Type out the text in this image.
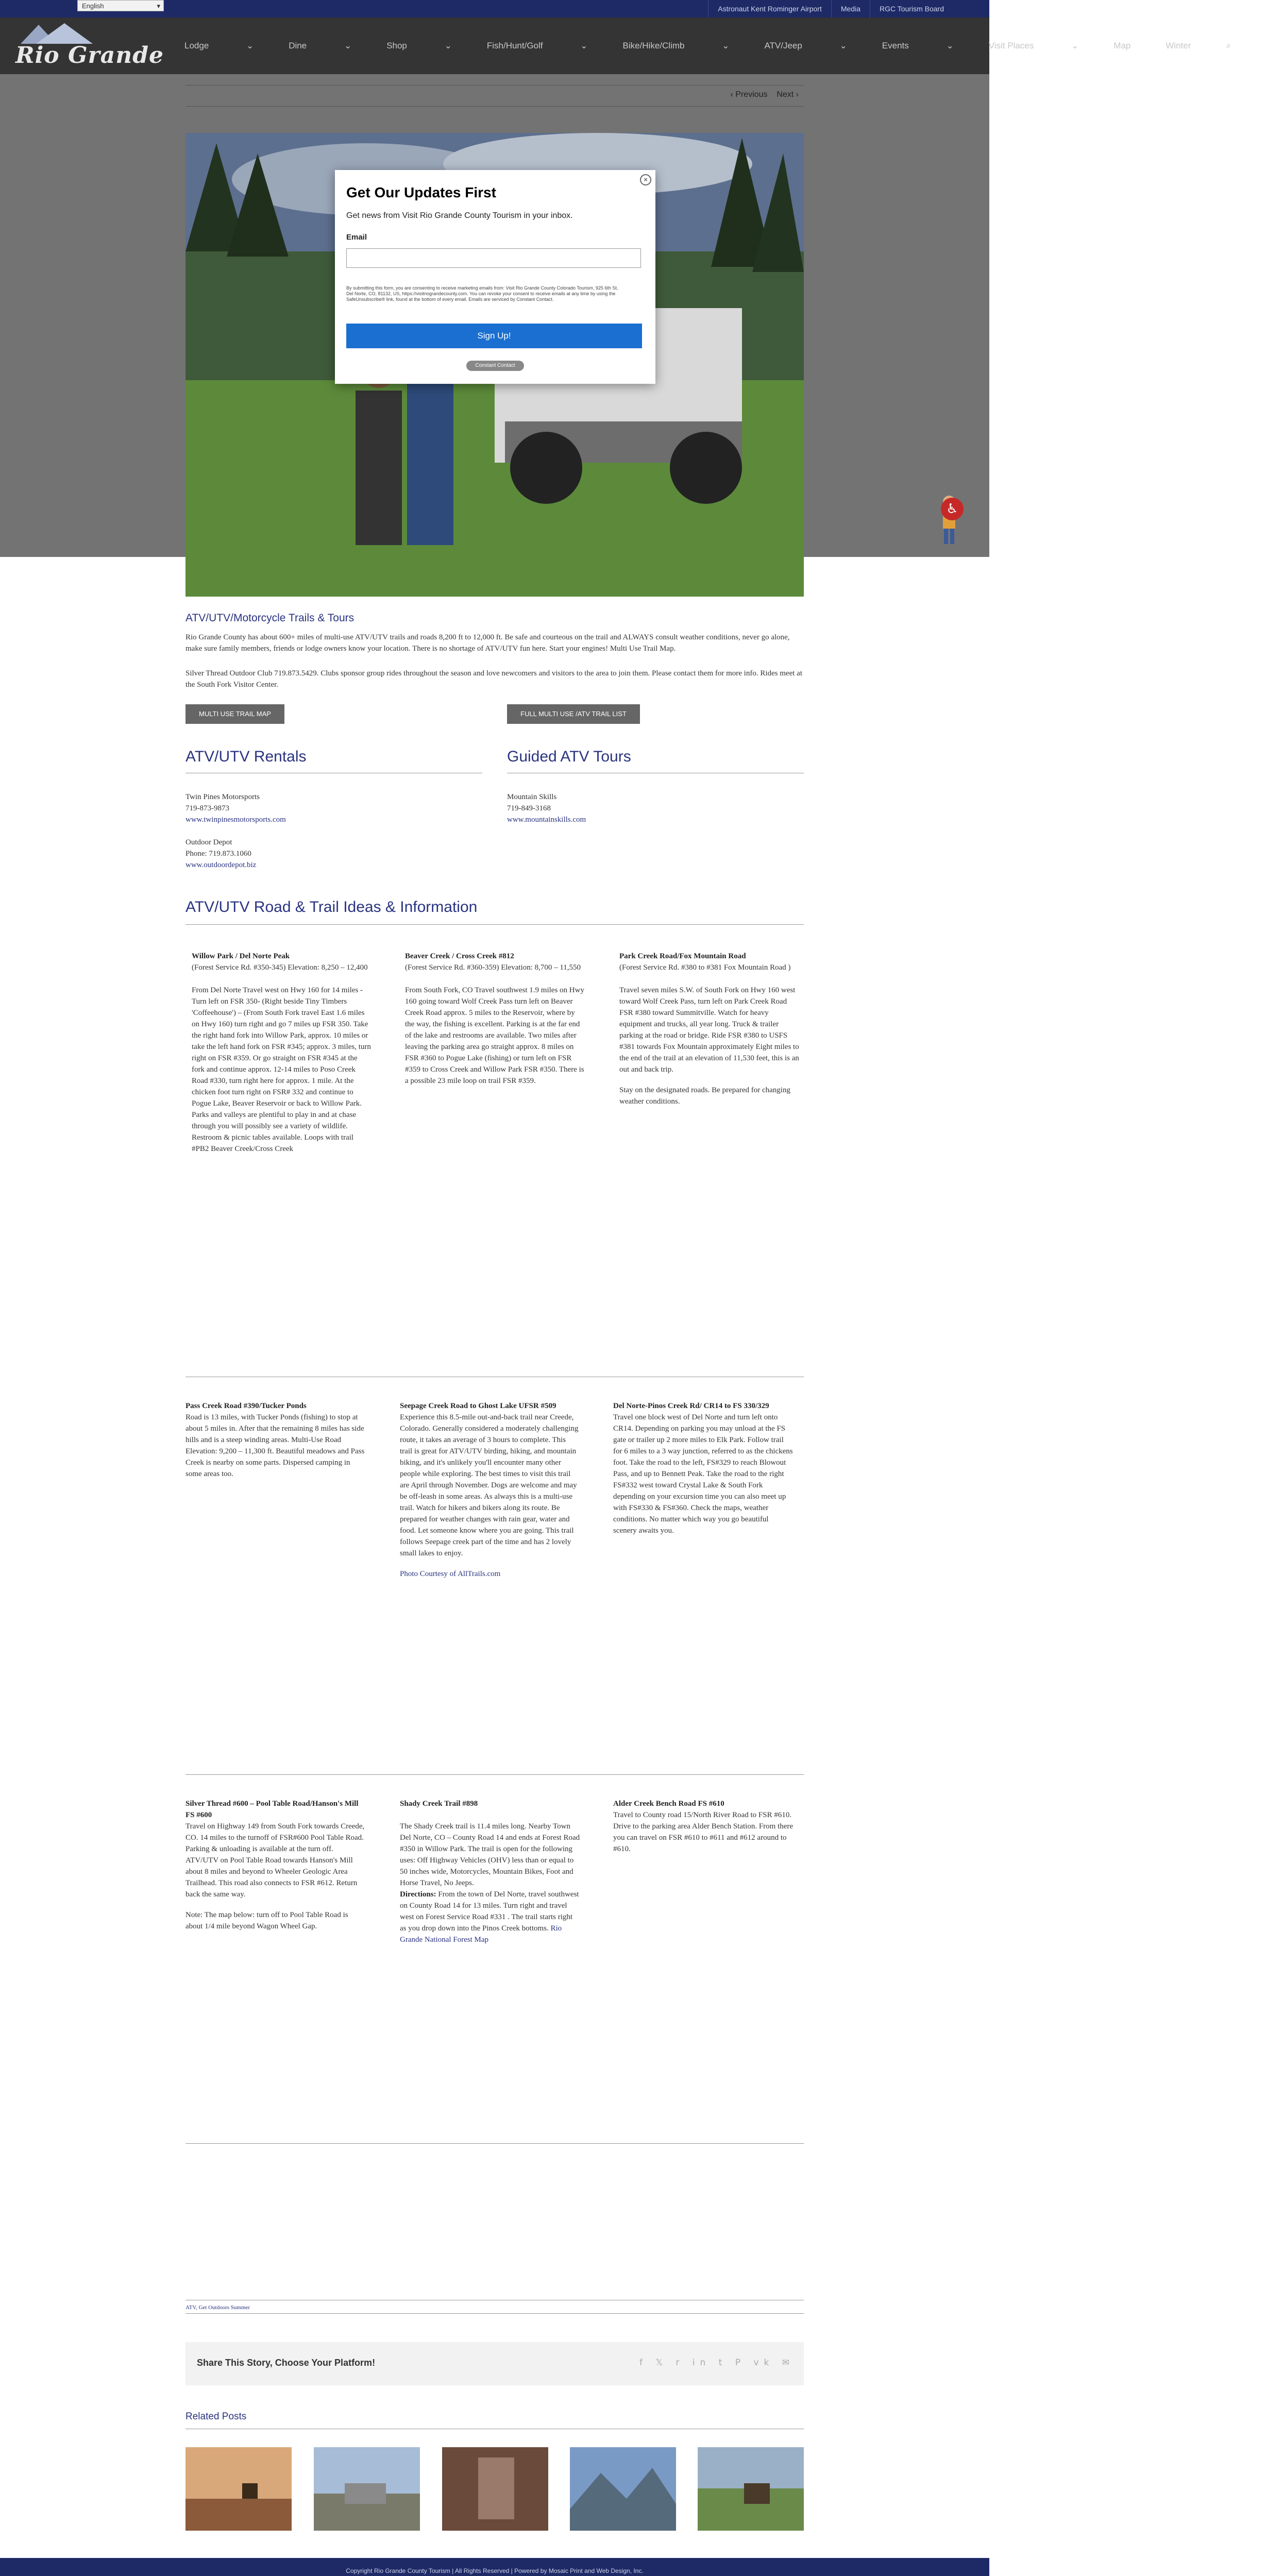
English	▾	Astronaut Kent Rominger Airport	Media	RGC Tourism Board
Rio Grande Lodge	⌄	Dine	⌄	Shop	⌄	Fish/Hunt/Golf	⌄	Bike/Hike/Climb	⌄	ATV/Jeep	⌄	Events	⌄	Visit Places	⌄	Map	Winter	⌕
‹ Previous Next ›
×
Get Our Updates First
Get news from Visit Rio Grande County Tourism in your inbox.
Email
By submitting this form, you are consenting to receive marketing emails from: Visit Rio Grande County Colorado Tourism, 925 6th St, Del Norte, CO, 81132, US, https://visitriograndecounty.com. You can revoke your consent to receive emails at any time by using the SafeUnsubscribe® link, found at the bottom of every email. Emails are serviced by Constant Contact.
Sign Up!
Constant Contact
♿
ATV/UTV/Motorcycle Trails & Tours
Rio Grande County has about 600+ miles of multi-use ATV/UTV trails and roads 8,200 ft to 12,000 ft. Be safe and courteous on the trail and ALWAYS consult weather conditions, never go alone, make sure family members, friends or lodge owners know your location. There is no shortage of ATV/UTV fun here. Start your engines! Multi Use Trail Map.
Silver Thread Outdoor Club 719.873.5429. Clubs sponsor group rides throughout the season and love newcomers and visitors to the area to join them. Please contact them for more info. Rides meet at the South Fork Visitor Center.
MULTI USE TRAIL MAP	FULL MULTI USE /ATV TRAIL LIST
ATV/UTV Rentals	Guided ATV Tours
Twin Pines Motorsports
719-873-9873
www.twinpinesmotorsports.com
Outdoor Depot
Phone: 719.873.1060
www.outdoordepot.biz
Mountain Skills
719-849-3168
www.mountainskills.com
ATV/UTV Road & Trail Ideas & Information
Willow Park / Del Norte Peak
(Forest Service Rd. #350-345) Elevation: 8,250 – 12,400

From Del Norte Travel west on Hwy 160 for 14 miles -Turn left on FSR 350- (Right beside Tiny Timbers 'Coffeehouse') – (From South Fork travel East 1.6 miles on Hwy 160) turn right and go 7 miles up FSR 350. Take the right hand fork into Willow Park, approx. 10 miles or take the left hand fork on FSR #345; approx. 3 miles, turn right on FSR #359. Or go straight on FSR #345 at the fork and continue approx. 12-14 miles to Poso Creek Road #330, turn right here for approx. 1 mile. At the chicken foot turn right on FSR# 332 and continue to Pogue Lake, Beaver Reservoir or back to Willow Park. Parks and valleys are plentiful to play in and at chase through you will possibly see a variety of wildlife. Restroom & picnic tables available. Loops with trail #PB2 Beaver Creek/Cross Creek

Beaver Creek / Cross Creek #812
(Forest Service Rd. #360-359) Elevation: 8,700 – 11,550

From South Fork, CO Travel southwest 1.9 miles on Hwy 160 going toward Wolf Creek Pass turn left on Beaver Creek Road approx. 5 miles to the Reservoir, where by the way, the fishing is excellent. Parking is at the far end of the lake and restrooms are available. Two miles after leaving the parking area go straight approx. 8 miles on FSR #360 to Pogue Lake (fishing) or turn left on FSR #359 to Cross Creek and Willow Park FSR #350. There is a possible 23 mile loop on trail FSR #359.

Park Creek Road/Fox Mountain Road
(Forest Service Rd. #380 to #381 Fox Mountain Road )

Travel seven miles S.W. of South Fork on Hwy 160 west toward Wolf Creek Pass, turn left on Park Creek Road FSR #380 toward Summitville. Watch for heavy equipment and trucks, all year long. Truck & trailer parking at the road or bridge. Ride FSR #380 to USFS #381 towards Fox Mountain approximately Eight miles to the end of the trail at an elevation of 11,530 feet, this is an out and back trip.

Stay on the designated roads. Be prepared for changing weather conditions.

Pass Creek Road #390/Tucker Ponds
Road is 13 miles, with Tucker Ponds (fishing) to stop at about 5 miles in. After that the remaining 8 miles has side hills and is a steep winding areas. Multi-Use Road Elevation: 9,200 – 11,300 ft. Beautiful meadows and Pass Creek is nearby on some parts. Dispersed camping in some areas too.
Seepage Creek Road to Ghost Lake UFSR #509

Experience this 8.5-mile out-and-back trail near Creede, Colorado. Generally considered a moderately challenging route, it takes an average of 3 hours to complete. This trail is great for ATV/UTV birding, hiking, and mountain biking, and it's unlikely you'll encounter many other people while exploring. The best times to visit this trail are April through November. Dogs are welcome and may be off-leash in some areas. As always this is a multi-use trail. Watch for hikers and bikers along its route. Be prepared for weather changes with rain gear, water and food. Let someone know where you are going. This trail follows Seepage creek part of the time and has 2 lovely small lakes to enjoy.

Photo Courtesy of AllTrails.com
Del Norte-Pinos Creek Rd/ CR14 to FS 330/329
Travel one block west of Del Norte and turn left onto CR14. Depending on parking you may unload at the FS gate or trailer up 2 more miles to Elk Park. Follow trail for 6 miles to a 3 way junction, referred to as the chickens foot. Take the road to the left, FS#329 to reach Blowout Pass, and up to Bennett Peak. Take the road to the right FS#332 west toward Crystal Lake & South Fork depending on your excursion time you can also meet up with FS#330 & FS#360. Check the maps, weather conditions. No matter which way you go beautiful scenery awaits you.
Silver Thread #600 – Pool Table Road/Hanson's Mill FS #600

Travel on Highway 149 from South Fork towards Creede, CO. 14 miles to the turnoff of FSR#600 Pool Table Road. Parking & unloading is available at the turn off. ATV/UTV on Pool Table Road towards Hanson's Mill about 8 miles and beyond to Wheeler Geologic Area Trailhead. This road also connects to FSR #612. Return back the same way.

Note: The map below: turn off to Pool Table Road is about 1/4 mile beyond Wagon Wheel Gap.

Shady Creek Trail #898

The Shady Creek trail is 11.4 miles long. Nearby Town Del Norte, CO – County Road 14 and ends at Forest Road #350 in Willow Park. The trail is open for the following uses: Off Highway Vehicles (OHV) less than or equal to 50 inches wide, Motorcycles, Mountain Bikes, Foot and Horse Travel, No Jeeps.

Directions: From the town of Del Norte, travel southwest on County Road 14 for 13 miles. Turn right and travel west on Forest Service Road #331 . The trail starts right as you drop down into the Pinos Creek bottoms. Rio Grande National Forest Map

Alder Creek Bench Road FS #610
Travel to County road 15/North River Road to FSR #610. Drive to the parking area Alder Bench Station. From there you can travel on FSR #610 to #611 and #612 around to #610.
ATV, Get Outdoors Summer
Share This Story, Choose Your Platform!	f 𝕏 r in t P vk ✉
Related Posts
Copyright Rio Grande County Tourism | All Rights Reserved | Powered by Mosaic Print and Web Design, Inc.
